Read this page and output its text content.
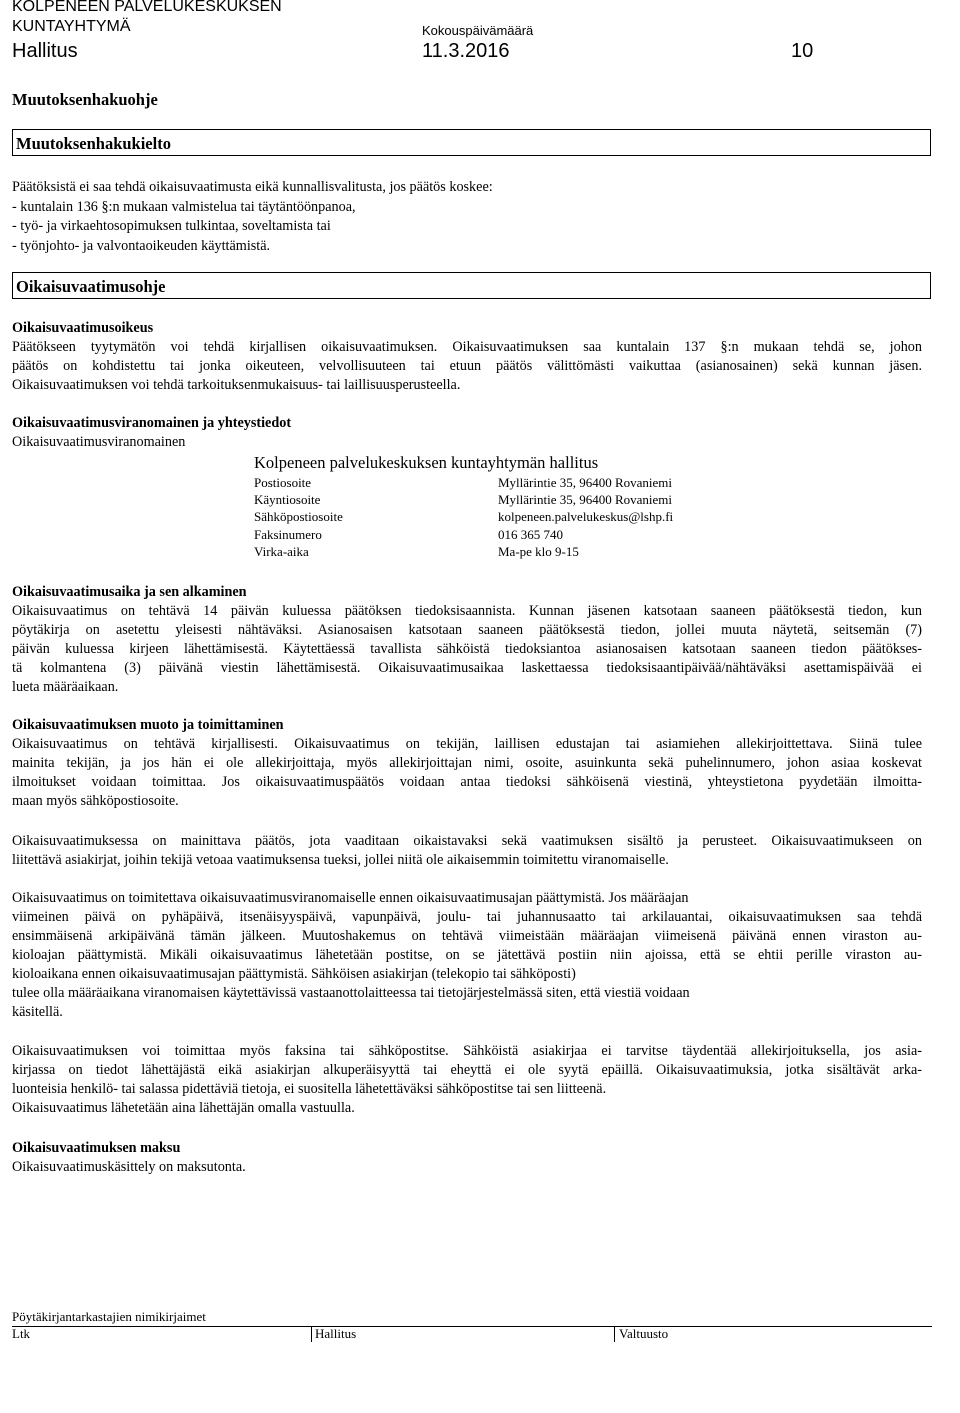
KOLPENEEN PALVELUKESKUKSEN
KUNTAYHTYMÄ	Kokouspäivämäärä
Hallitus	11.3.2016	10
Muutoksenhakuohje
Muutoksenhakukielto
Päätöksistä ei saa tehdä oikaisuvaatimusta eikä kunnallisvalitusta, jos päätös koskee:
- kuntalain 136 §:n mukaan valmistelua tai täytäntöönpanoa,
- työ- ja virkaehtosopimuksen tulkintaa, soveltamista tai
- työnjohto- ja valvontaoikeuden käyttämistä.
Oikaisuvaatimusohje
Oikaisuvaatimusoikeus
Päätökseen tyytymätön voi tehdä kirjallisen oikaisuvaatimuksen. Oikaisuvaatimuksen saa kuntalain 137 §:n mukaan tehdä se, johon
päätös on kohdistettu tai jonka oikeuteen, velvollisuuteen tai etuun päätös välittömästi vaikuttaa (asianosainen) sekä kunnan jäsen.
Oikaisuvaatimuksen voi tehdä tarkoituksenmukaisuus- tai laillisuusperusteella.
Oikaisuvaatimusviranomainen ja yhteystiedot
Oikaisuvaatimusviranomainen
Kolpeneen palvelukeskuksen kuntayhtymän hallitus
Postiosoite	Myllärintie 35, 96400 Rovaniemi
Käyntiosoite	Myllärintie 35, 96400 Rovaniemi
Sähköpostiosoite	kolpeneen.palvelukeskus@lshp.fi
Faksinumero	016 365 740
Virka-aika	Ma-pe klo 9-15
Oikaisuvaatimusaika ja sen alkaminen
Oikaisuvaatimus on tehtävä 14 päivän kuluessa päätöksen tiedoksisaannista. Kunnan jäsenen katsotaan saaneen päätöksestä tiedon, kun
pöytäkirja on asetettu yleisesti nähtäväksi. Asianosaisen katsotaan saaneen päätöksestä tiedon, jollei muuta näytetä, seitsemän (7)
päivän kuluessa kirjeen lähettämisestä. Käytettäessä tavallista sähköistä tiedoksiantoa asianosaisen katsotaan saaneen tiedon päätökses-
tä kolmantena (3) päivänä viestin lähettämisestä. Oikaisuvaatimusaikaa laskettaessa tiedoksisaantipäivää/nähtäväksi asettamispäivää ei
lueta määräaikaan.
Oikaisuvaatimuksen muoto ja toimittaminen
Oikaisuvaatimus on tehtävä kirjallisesti. Oikaisuvaatimus on tekijän, laillisen edustajan tai asiamiehen allekirjoittettava. Siinä tulee
mainita tekijän, ja jos hän ei ole allekirjoittaja, myös allekirjoittajan nimi, osoite, asuinkunta sekä puhelinnumero, johon asiaa koskevat
ilmoitukset voidaan toimittaa. Jos oikaisuvaatimuspäätös voidaan antaa tiedoksi sähköisenä viestinä, yhteystietona pyydetään ilmoitta-
maan myös sähköpostiosoite.
Oikaisuvaatimuksessa on mainittava päätös, jota vaaditaan oikaistavaksi sekä vaatimuksen sisältö ja perusteet. Oikaisuvaatimukseen on
liitettävä asiakirjat, joihin tekijä vetoaa vaatimuksensa tueksi, jollei niitä ole aikaisemmin toimitettu viranomaiselle.
Oikaisuvaatimus on toimitettava oikaisuvaatimusviranomaiselle ennen oikaisuvaatimusajan päättymistä. Jos määräajan
viimeinen päivä on pyhäpäivä, itsenäisyyspäivä, vapunpäivä, joulu- tai juhannusaatto tai arkilauantai, oikaisuvaatimuksen saa tehdä
ensimmäisenä arkipäivänä tämän jälkeen. Muutoshakemus on tehtävä viimeistään määräajan viimeisenä päivänä ennen viraston au-
kioloajan päättymistä. Mikäli oikaisuvaatimus lähetetään postitse, on se jätettävä postiin niin ajoissa, että se ehtii perille viraston au-
kioloaikana ennen oikaisuvaatimusajan päättymistä. Sähköisen asiakirjan (telekopio tai sähköposti)
tulee olla määräaikana viranomaisen käytettävissä vastaanottolaitteessa tai tietojärjestelmässä siten, että viestiä voidaan
käsitellä.
Oikaisuvaatimuksen voi toimittaa myös faksina tai sähköpostitse. Sähköistä asiakirjaa ei tarvitse täydentää allekirjoituksella, jos asia-
kirjassa on tiedot lähettäjästä eikä asiakirjan alkuperäisyyttä tai eheyttä ei ole syytä epäillä. Oikaisuvaatimuksia, jotka sisältävät arka-
luonteisia henkilö- tai salassa pidettäviä tietoja, ei suositella lähetettäväksi sähköpostitse tai sen liitteenä.
Oikaisuvaatimus lähetetään aina lähettäjän omalla vastuulla.
Oikaisuvaatimuksen maksu
Oikaisuvaatimuskäsittely on maksutonta.
Pöytäkirjantarkastajien nimikirjaimet
Ltk	Hallitus	Valtuusto
